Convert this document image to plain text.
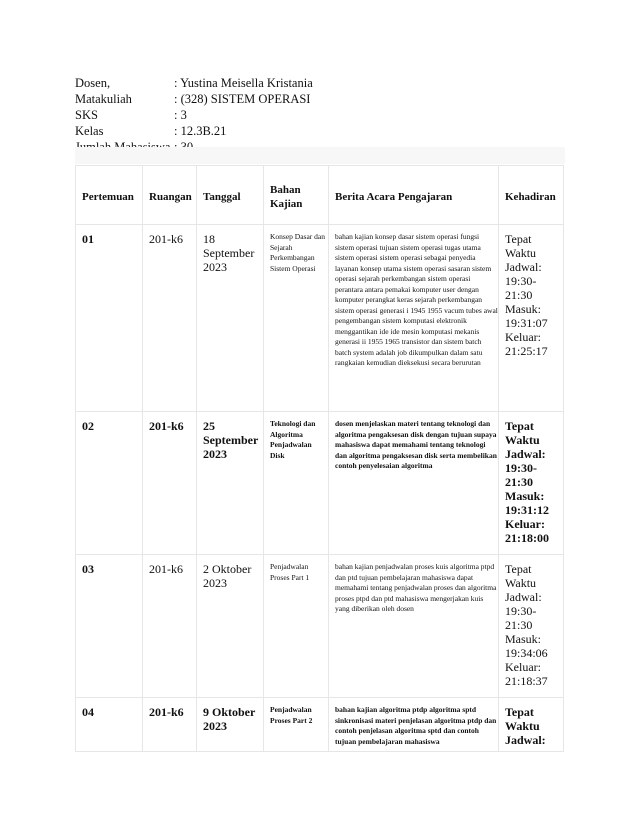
Dosen,	: Yustina Meisella Kristania
Matakuliah	: (328) SISTEM OPERASI
SKS	: 3
Kelas	: 12.3B.21
Pertemuan	Ruangan	Tanggal	Bahan Kajian	Berita Acara Pengajaran	Kehadiran
01	201-k6	18 September 2023	Konsep Dasar dan Sejarah Perkembangan Sistem Operasi	bahan kajian konsep dasar sistem operasi fungsi sistem operasi tujuan sistem operasi tugas utama sistem operasi sistem operasi sebagai penyedia layanan konsep utama sistem operasi sasaran sistem operasi sejarah perkembangan sistem operasi perantara antara pemakai komputer user dengan komputer perangkat keras sejarah perkembangan sistem operasi generasi i 1945 1955 vacum tubes awal pengembangan sistem komputasi elektronik menggantikan ide ide mesin komputasi mekanis generasi ii 1955 1965 transistor dan sistem batch batch system adalah job dikumpulkan dalam satu rangkaian kemudian dieksekusi secara berurutan	Tepat Waktu Jadwal: 19:30-21:30 Masuk: 19:31:07 Keluar: 21:25:17
02	201-k6	25 September 2023	Teknologi dan Algoritma Penjadwalan Disk	dosen menjelaskan materi tentang teknologi dan algoritma pengaksesan disk dengan tujuan supaya mahasiswa dapat memahami tentang teknologi dan algoritma pengaksesan disk serta membelikan contoh penyelesaian algoritma	Tepat Waktu Jadwal: 19:30-21:30 Masuk: 19:31:12 Keluar: 21:18:00
03	201-k6	2 Oktober 2023	Penjadwalan Proses Part 1	bahan kajian penjadwalan proses kuis algoritma ptpd dan ptd tujuan pembelajaran mahasiswa dapat memahami tentang penjadwalan proses dan algoritma proses ptpd dan ptd mahasiswa mengerjakan kuis yang diberikan oleh dosen	Tepat Waktu Jadwal: 19:30-21:30 Masuk: 19:34:06 Keluar: 21:18:37
04	201-k6	9 Oktober 2023	Penjadwalan Proses Part 2	bahan kajian algoritma ptdp algoritma sptd sinkronisasi materi penjelasan algoritma ptdp dan contoh penjelasan algoritma sptd dan contoh tujuan pembelajaran mahasiswa	Tepat Waktu Jadwal:
